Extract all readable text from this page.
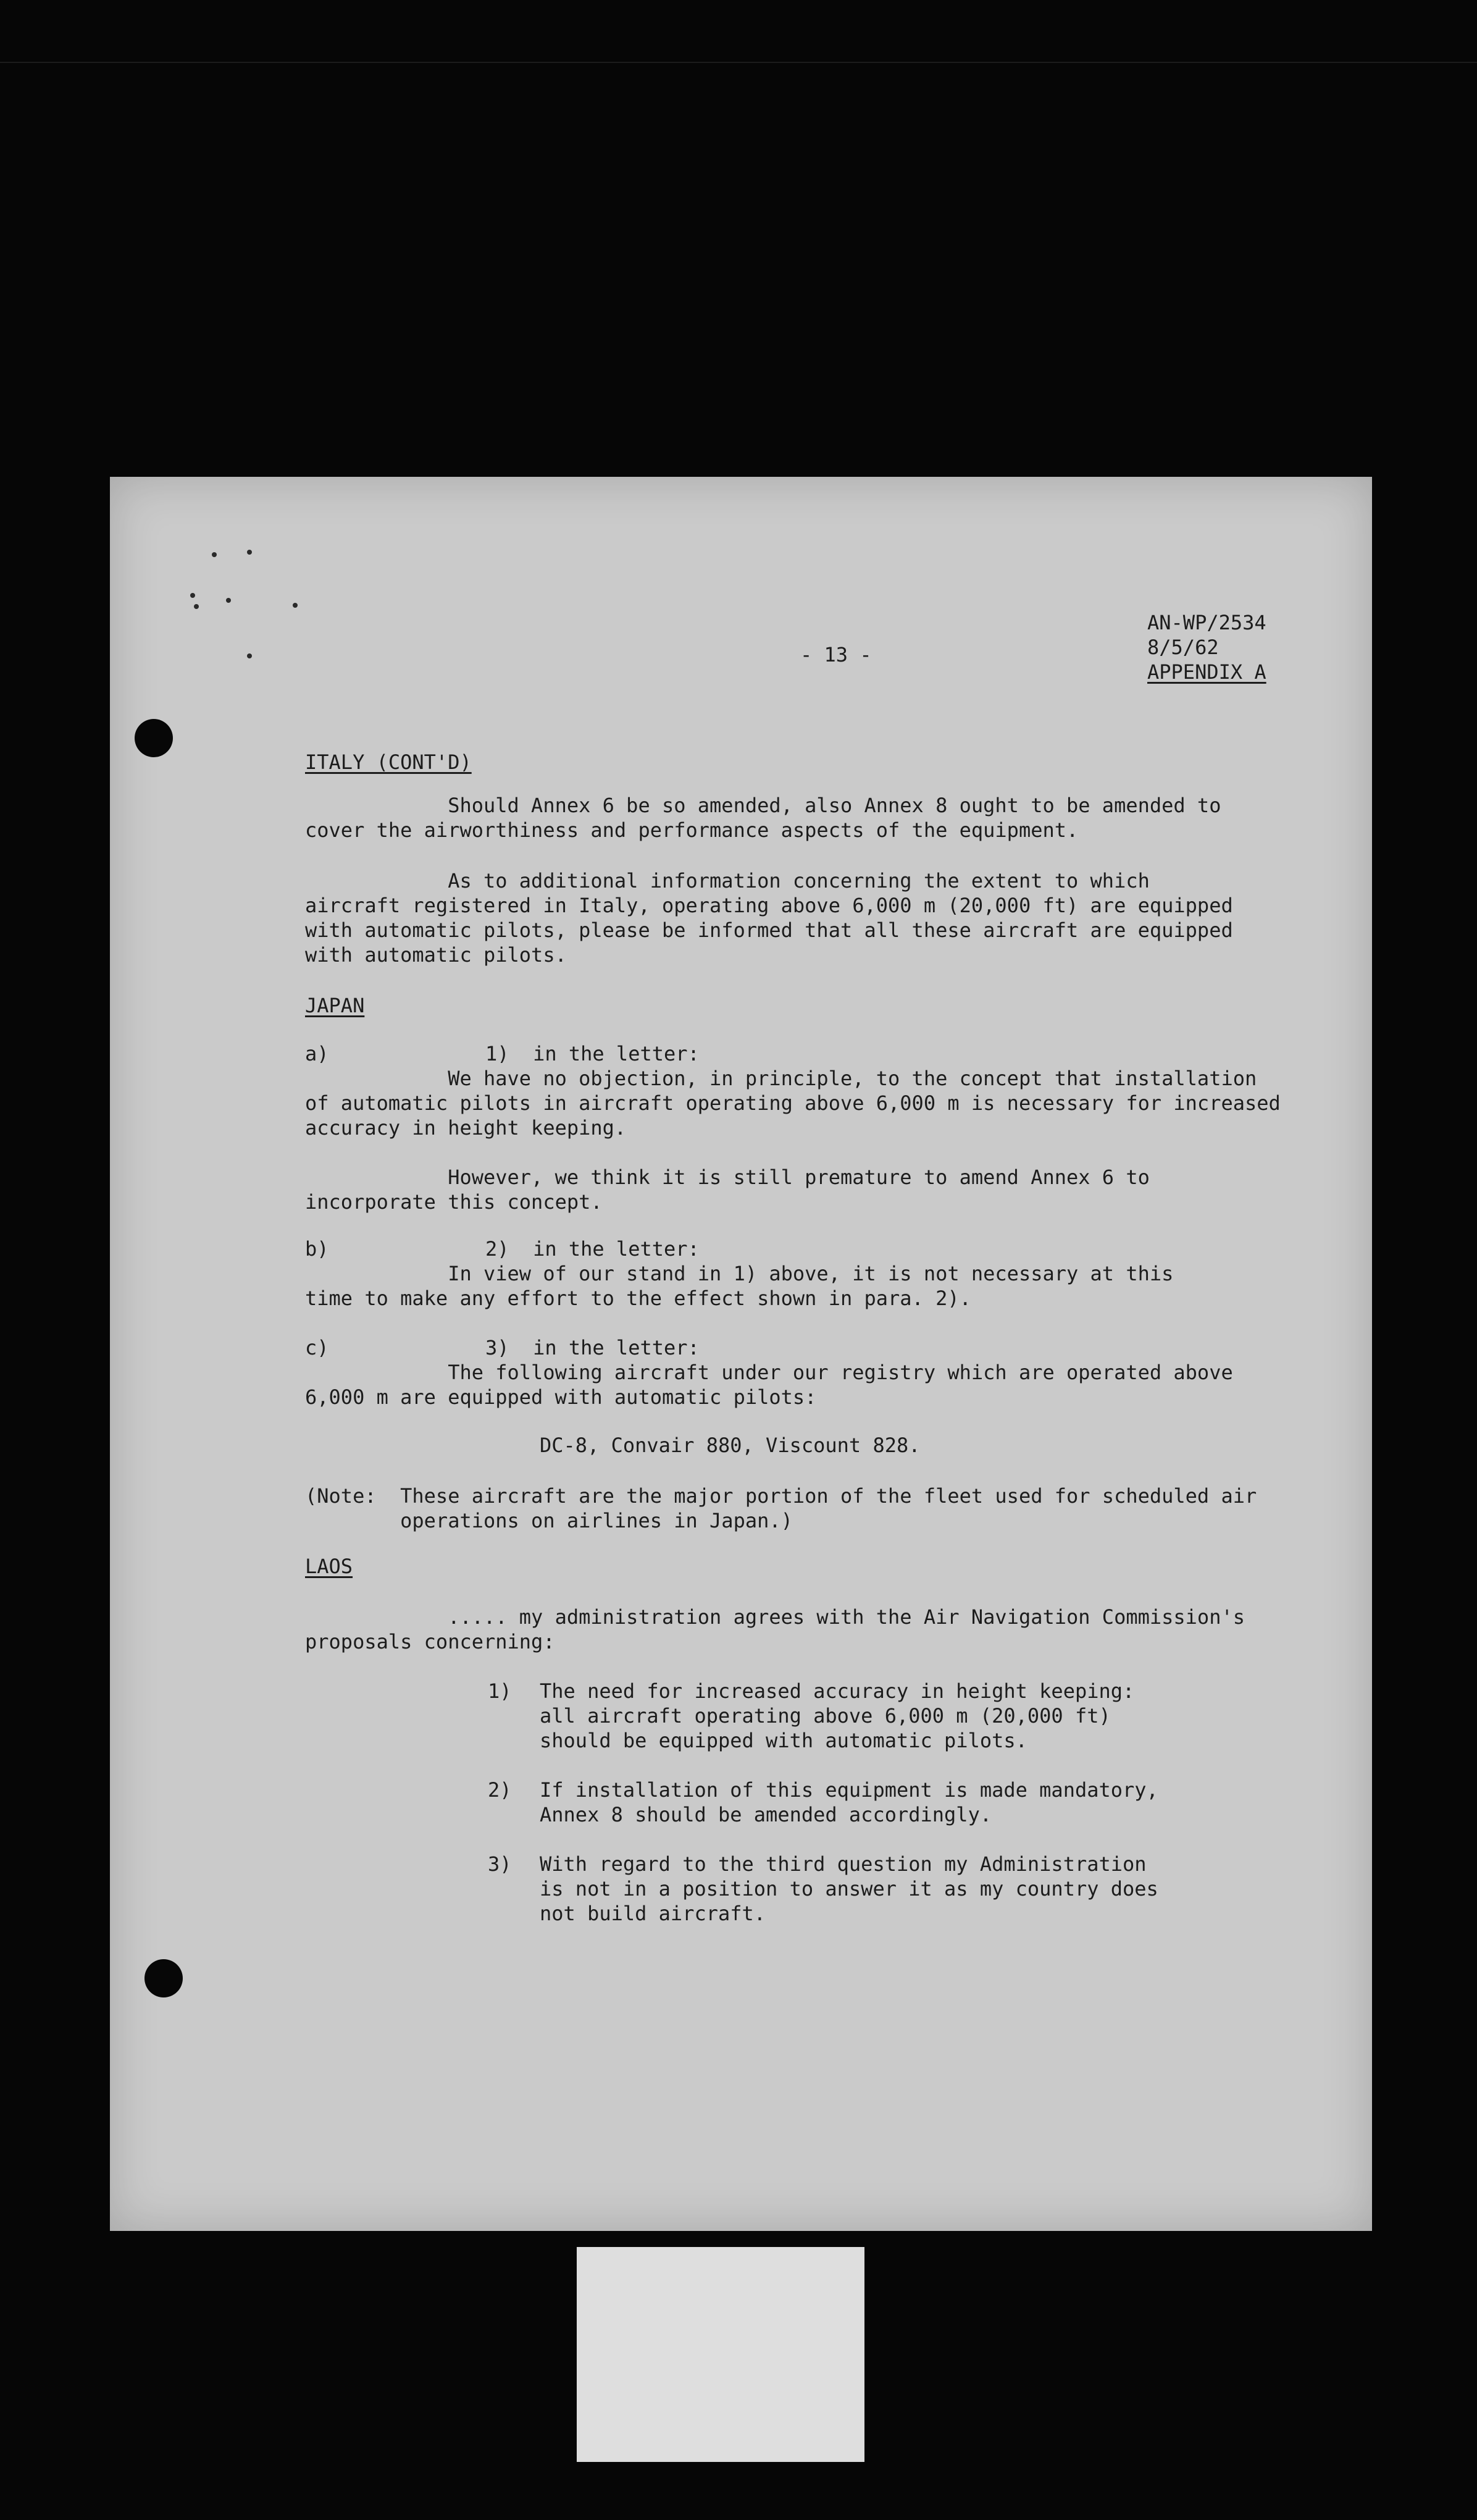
- 13 -

AN-WP/2534

8/5/62

APPENDIX A

ITALY (CONT'D)

Should Annex 6 be so amended, also Annex 8 ought to be amended to
cover the airworthiness and performance aspects of the equipment.

As to additional information concerning the extent to which
aircraft registered in Italy, operating above 6,000 m (20,000 ft) are equipped
with automatic pilots, please be informed that all these aircraft are equipped
with automatic pilots.

JAPAN

a)	1)  in the letter:

We have no objection, in principle, to the concept that installation
of automatic pilots in aircraft operating above 6,000 m is necessary for increased
accuracy in height keeping.

However, we think it is still premature to amend Annex 6 to
incorporate this concept.

b)	2)  in the letter:

In view of our stand in 1) above, it is not necessary at this
time to make any effort to the effect shown in para. 2).

c)	3)  in the letter:

The following aircraft under our registry which are operated above
6,000 m are equipped with automatic pilots:

DC-8, Convair 880, Viscount 828.

(Note:  These aircraft are the major portion of the fleet used for scheduled air
operations on airlines in Japan.)

LAOS

..... my administration agrees with the Air Navigation Commission's
proposals concerning:

1) The need for increased accuracy in height keeping:
all aircraft operating above 6,000 m (20,000 ft)
should be equipped with automatic pilots.

2) If installation of this equipment is made mandatory,
Annex 8 should be amended accordingly.

3) With regard to the third question my Administration
is not in a position to answer it as my country does
not build aircraft.
